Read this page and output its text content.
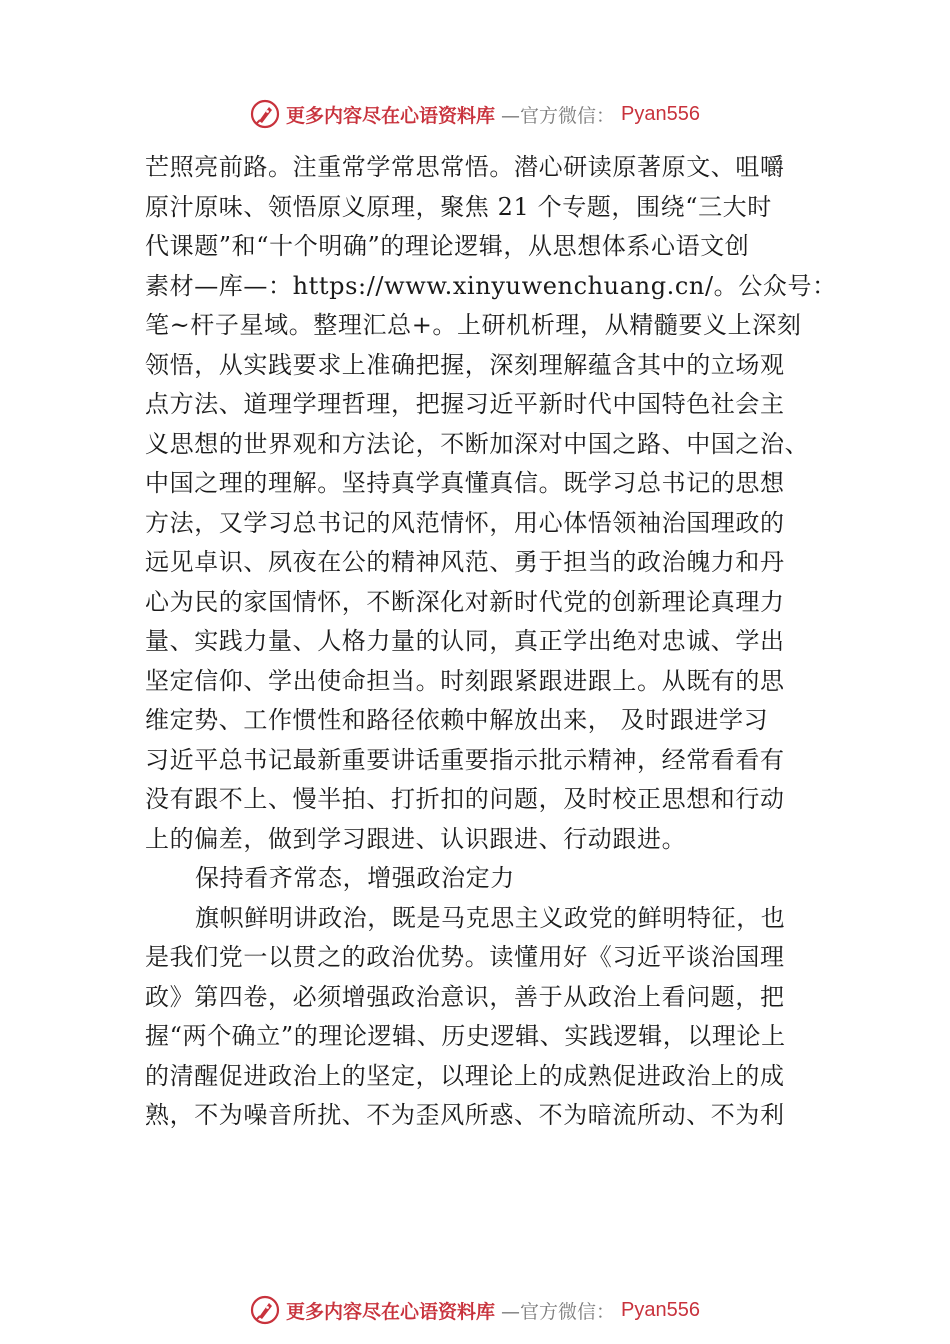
更多内容尽在心语资料库 —官方微信： Pyan556
芒照亮前路。注重常学常思常悟。潜心研读原著原文、咀嚼
原汁原味、领悟原义原理，聚焦 21 个专题，围绕“三大时
代课题”和“十个明确”的理论逻辑，从思想体系心语文创
素材—库—：https://www.xinyuwenchuang.cn/。公众号：
笔~杆子星域。整理汇总+。上研机析理，从精髓要义上深刻
领悟，从实践要求上准确把握，深刻理解蕴含其中的立场观
点方法、道理学理哲理，把握习近平新时代中国特色社会主
义思想的世界观和方法论，不断加深对中国之路、中国之治、
中国之理的理解。坚持真学真懂真信。既学习总书记的思想
方法，又学习总书记的风范情怀，用心体悟领袖治国理政的
远见卓识、夙夜在公的精神风范、勇于担当的政治魄力和丹
心为民的家国情怀，不断深化对新时代党的创新理论真理力
量、实践力量、人格力量的认同，真正学出绝对忠诚、学出
坚定信仰、学出使命担当。时刻跟紧跟进跟上。从既有的思
维定势、工作惯性和路径依赖中解放出来， 及时跟进学习
习近平总书记最新重要讲话重要指示批示精神，经常看看有
没有跟不上、慢半拍、打折扣的问题，及时校正思想和行动
上的偏差，做到学习跟进、认识跟进、行动跟进。
保持看齐常态，增强政治定力
旗帜鲜明讲政治，既是马克思主义政党的鲜明特征，也
是我们党一以贯之的政治优势。读懂用好《习近平谈治国理
政》第四卷，必须增强政治意识，善于从政治上看问题，把
握“两个确立”的理论逻辑、历史逻辑、实践逻辑，以理论上
的清醒促进政治上的坚定，以理论上的成熟促进政治上的成
熟，不为噪音所扰、不为歪风所惑、不为暗流所动、不为利
更多内容尽在心语资料库 —官方微信： Pyan556
